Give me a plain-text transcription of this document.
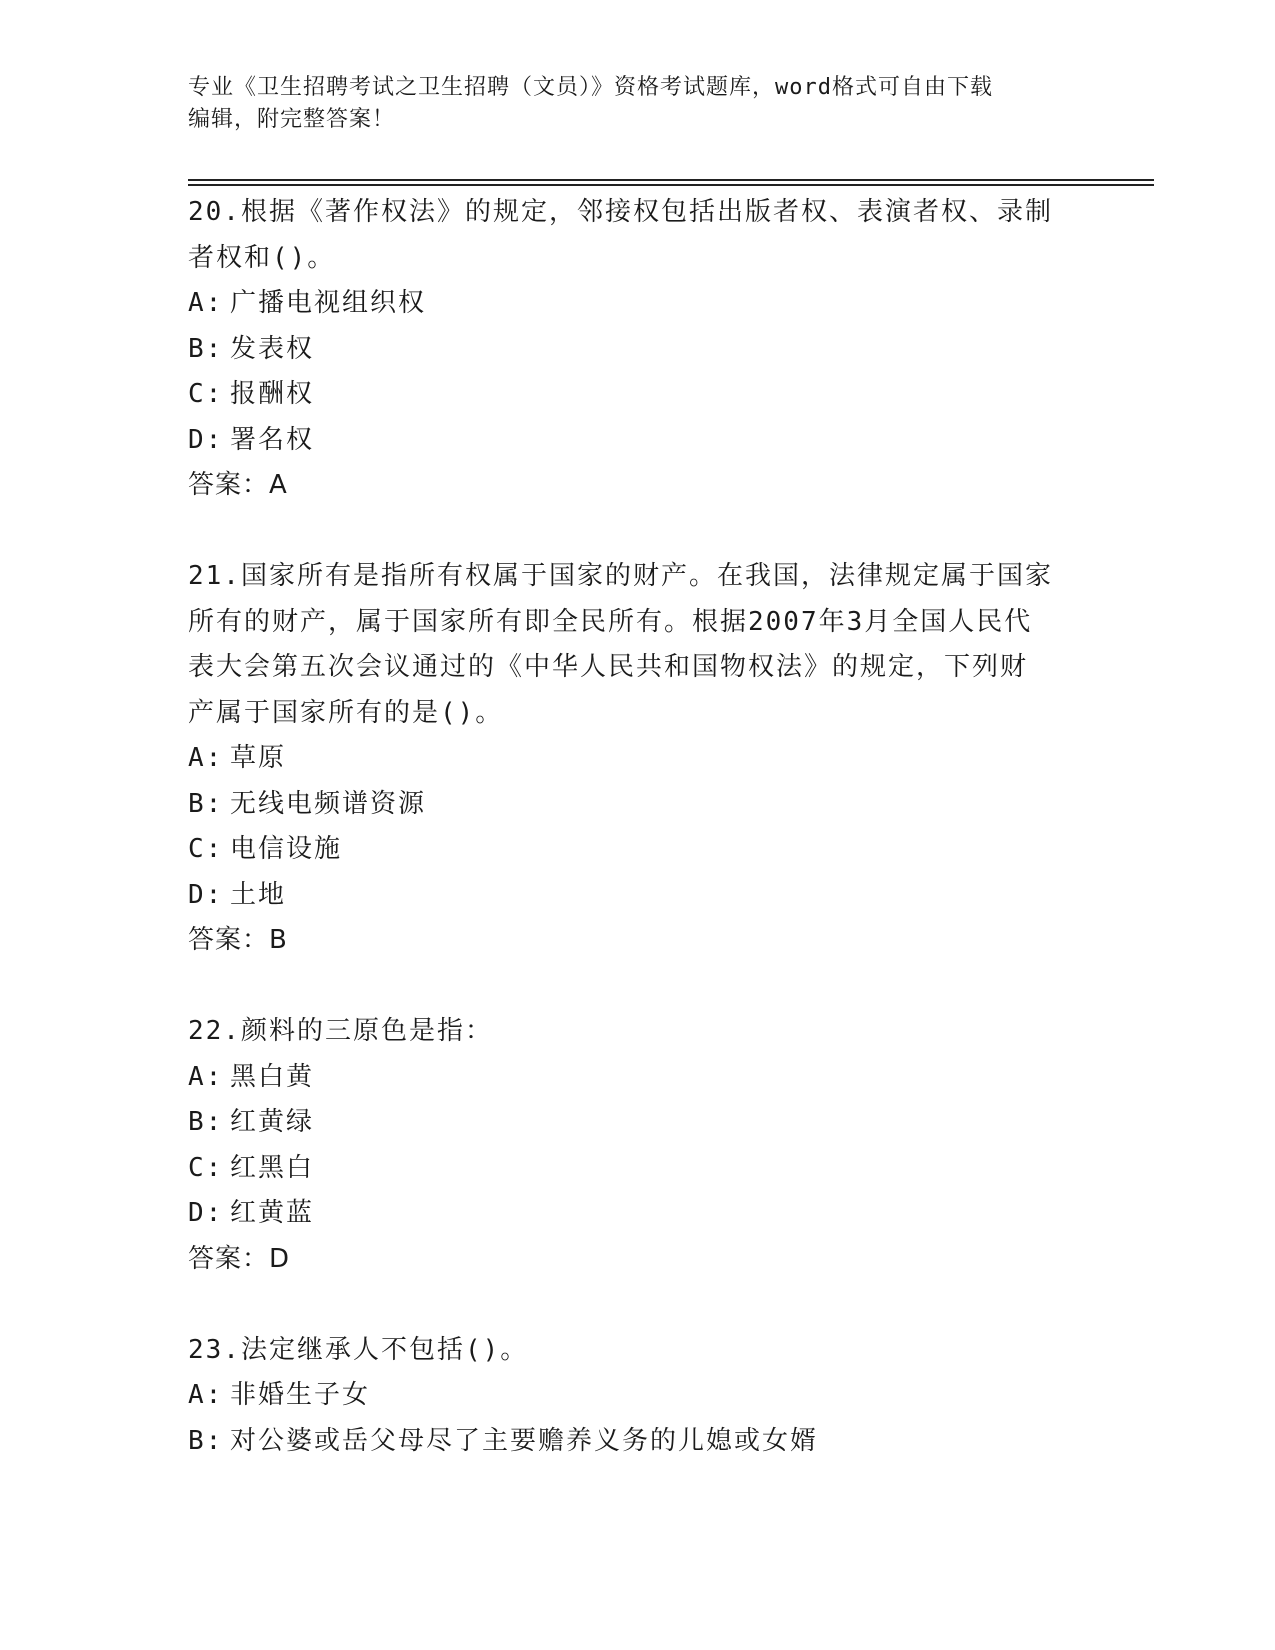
专业《卫生招聘考试之卫生招聘（文员）》资格考试题库，word格式可自由下载
编辑，附完整答案！
20.根据《著作权法》的规定，邻接权包括出版者权、表演者权、录制
者权和()。
A: 广播电视组织权
B: 发表权
C: 报酬权
D: 署名权
答案：A
21.国家所有是指所有权属于国家的财产。在我国，法律规定属于国家
所有的财产，属于国家所有即全民所有。根据2007年3月全国人民代
表大会第五次会议通过的《中华人民共和国物权法》的规定，下列财
产属于国家所有的是()。
A: 草原
B: 无线电频谱资源
C: 电信设施
D: 土地
答案：B
22.颜料的三原色是指：
A: 黑白黄
B: 红黄绿
C: 红黑白
D: 红黄蓝
答案：D
23.法定继承人不包括()。
A: 非婚生子女
B: 对公婆或岳父母尽了主要赡养义务的儿媳或女婿
